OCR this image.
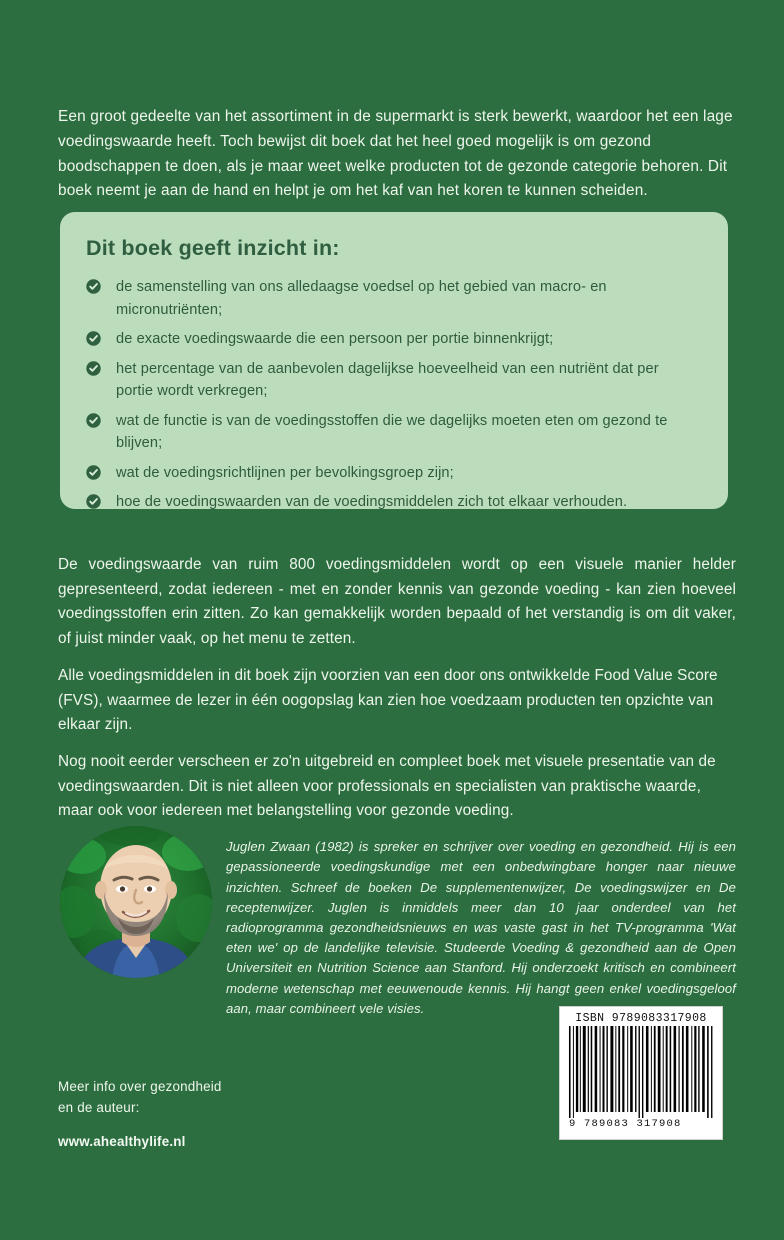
Een groot gedeelte van het assortiment in de supermarkt is sterk bewerkt, waardoor het een lage voedingswaarde heeft. Toch bewijst dit boek dat het heel goed mogelijk is om gezond boodschappen te doen, als je maar weet welke producten tot de gezonde categorie behoren. Dit boek neemt je aan de hand en helpt je om het kaf van het koren te kunnen scheiden.

Dit boek geeft inzicht in:
de samenstelling van ons alledaagse voedsel op het gebied van macro- en micronutriënten;
de exacte voedingswaarde die een persoon per portie binnenkrijgt;
het percentage van de aanbevolen dagelijkse hoeveelheid van een nutriënt dat per portie wordt verkregen;
wat de functie is van de voedingsstoffen die we dagelijks moeten eten om gezond te blijven;
wat de voedingsrichtlijnen per bevolkingsgroep zijn;
hoe de voedingswaarden van de voedingsmiddelen zich tot elkaar verhouden.

De voedingswaarde van ruim 800 voedingsmiddelen wordt op een visuele manier helder gepresenteerd, zodat iedereen - met en zonder kennis van gezonde voeding - kan zien hoeveel voedingsstoffen erin zitten. Zo kan gemakkelijk worden bepaald of het verstandig is om dit vaker, of juist minder vaak, op het menu te zetten.

Alle voedingsmiddelen in dit boek zijn voorzien van een door ons ontwikkelde Food Value Score (FVS), waarmee de lezer in één oogopslag kan zien hoe voedzaam producten ten opzichte van elkaar zijn.

Nog nooit eerder verscheen er zo'n uitgebreid en compleet boek met visuele presentatie van de voedingswaarden. Dit is niet alleen voor professionals en specialisten van praktische waarde, maar ook voor iedereen met belangstelling voor gezonde voeding.

Juglen Zwaan (1982) is spreker en schrijver over voeding en gezondheid. Hij is een gepassioneerde voedingskundige met een onbedwingbare honger naar nieuwe inzichten. Schreef de boeken De supplementenwijzer, De voedingswijzer en De receptenwijzer. Juglen is inmiddels meer dan 10 jaar onderdeel van het radioprogramma gezondheidsnieuws en was vaste gast in het TV-programma 'Wat eten we' op de landelijke televisie. Studeerde Voeding & gezondheid aan de Open Universiteit en Nutrition Science aan Stanford. Hij onderzoekt kritisch en combineert moderne wetenschap met eeuwenoude kennis. Hij hangt geen enkel voedingsgeloof aan, maar combineert vele visies.

Meer info over gezondheid
en de auteur:
www.ahealthylife.nl
ISBN 9789083317908
9 789083 317908
